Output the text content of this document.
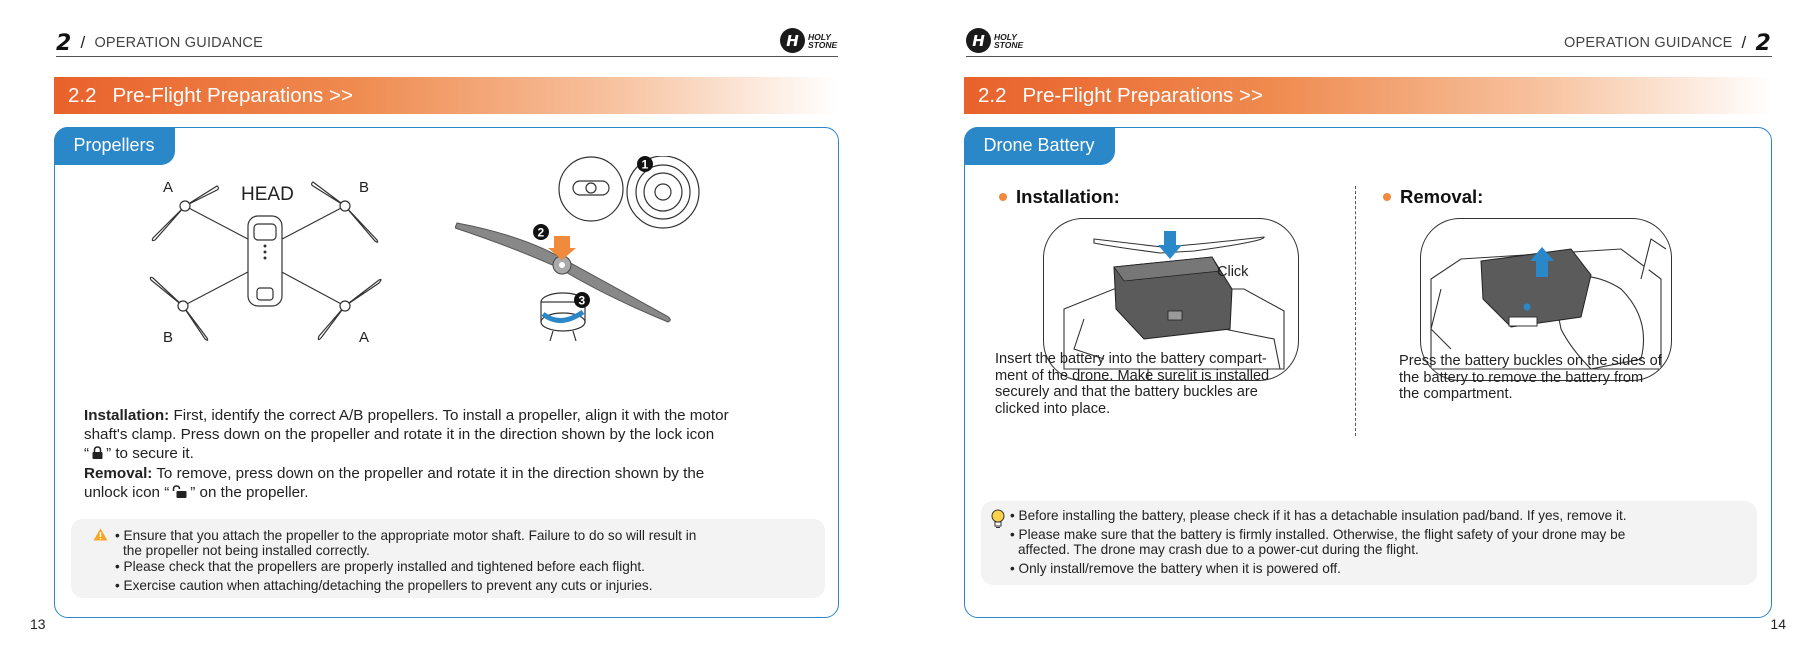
2 / OPERATION GUIDANCE	H	HOLY
STONE
2.2 Pre-Flight Preparations >>
Propellers
A	HEAD	B
B	A
1
2
3
Installation: First, identify the correct A/B propellers. To install a propeller, align it with the motor
shaft's clamp. Press down on the propeller and rotate it in the direction shown by the lock icon
“ ” to secure it.
Removal: To remove, press down on the propeller and rotate it in the direction shown by the
unlock icon “ ” on the propeller.
• Ensure that you attach the propeller to the appropriate motor shaft. Failure to do so will result in
the propeller not being installed correctly.
• Please check that the propellers are properly installed and tightened before each flight.
• Exercise caution when attaching/detaching the propellers to prevent any cuts or injuries.
13
H	HOLY
STONE	OPERATION GUIDANCE / 2
2.2 Pre-Flight Preparations >>
Drone Battery
Installation:
Click
Insert the battery into the battery compart-
ment of the drone. Make sure it is installed
securely and that the battery buckles are
clicked into place.
Removal:
Press the battery buckles on the sides of
the battery to remove the battery from
the compartment.
• Before installing the battery, please check if it has a detachable insulation pad/band. If yes, remove it.
• Please make sure that the battery is firmly installed. Otherwise, the flight safety of your drone may be
affected. The drone may crash due to a power-cut during the flight.
• Only install/remove the battery when it is powered off.
14
